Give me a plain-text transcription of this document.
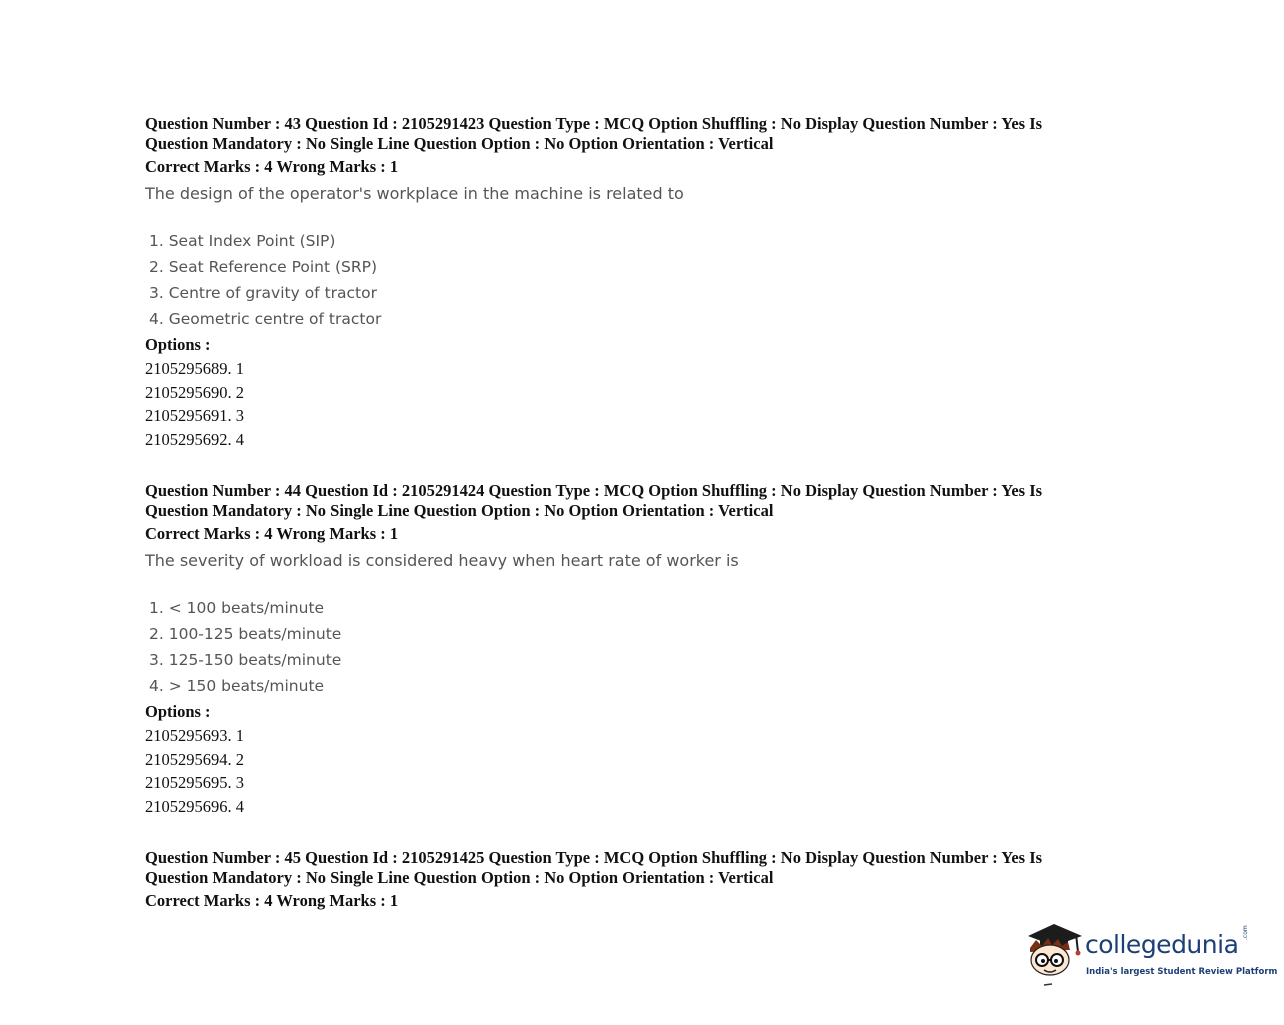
Question Number : 43 Question Id : 2105291423 Question Type : MCQ Option Shuffling : No Display Question Number : Yes Is
Question Mandatory : No Single Line Question Option : No Option Orientation : Vertical

Correct Marks : 4 Wrong Marks : 1
The design of the operator's workplace in the machine is related to
1. Seat Index Point (SIP)
2. Seat Reference Point (SRP)
3. Centre of gravity of tractor
4. Geometric centre of tractor
Options :
2105295689. 1
2105295690. 2
2105295691. 3
2105295692. 4

Question Number : 44 Question Id : 2105291424 Question Type : MCQ Option Shuffling : No Display Question Number : Yes Is
Question Mandatory : No Single Line Question Option : No Option Orientation : Vertical

Correct Marks : 4 Wrong Marks : 1
The severity of workload is considered heavy when heart rate of worker is
1. < 100 beats/minute
2. 100-125 beats/minute
3. 125-150 beats/minute
4. > 150 beats/minute
Options :
2105295693. 1
2105295694. 2
2105295695. 3
2105295696. 4

Question Number : 45 Question Id : 2105291425 Question Type : MCQ Option Shuffling : No Display Question Number : Yes Is
Question Mandatory : No Single Line Question Option : No Option Orientation : Vertical

Correct Marks : 4 Wrong Marks : 1
collegedunia .com
India's largest Student Review Platform
